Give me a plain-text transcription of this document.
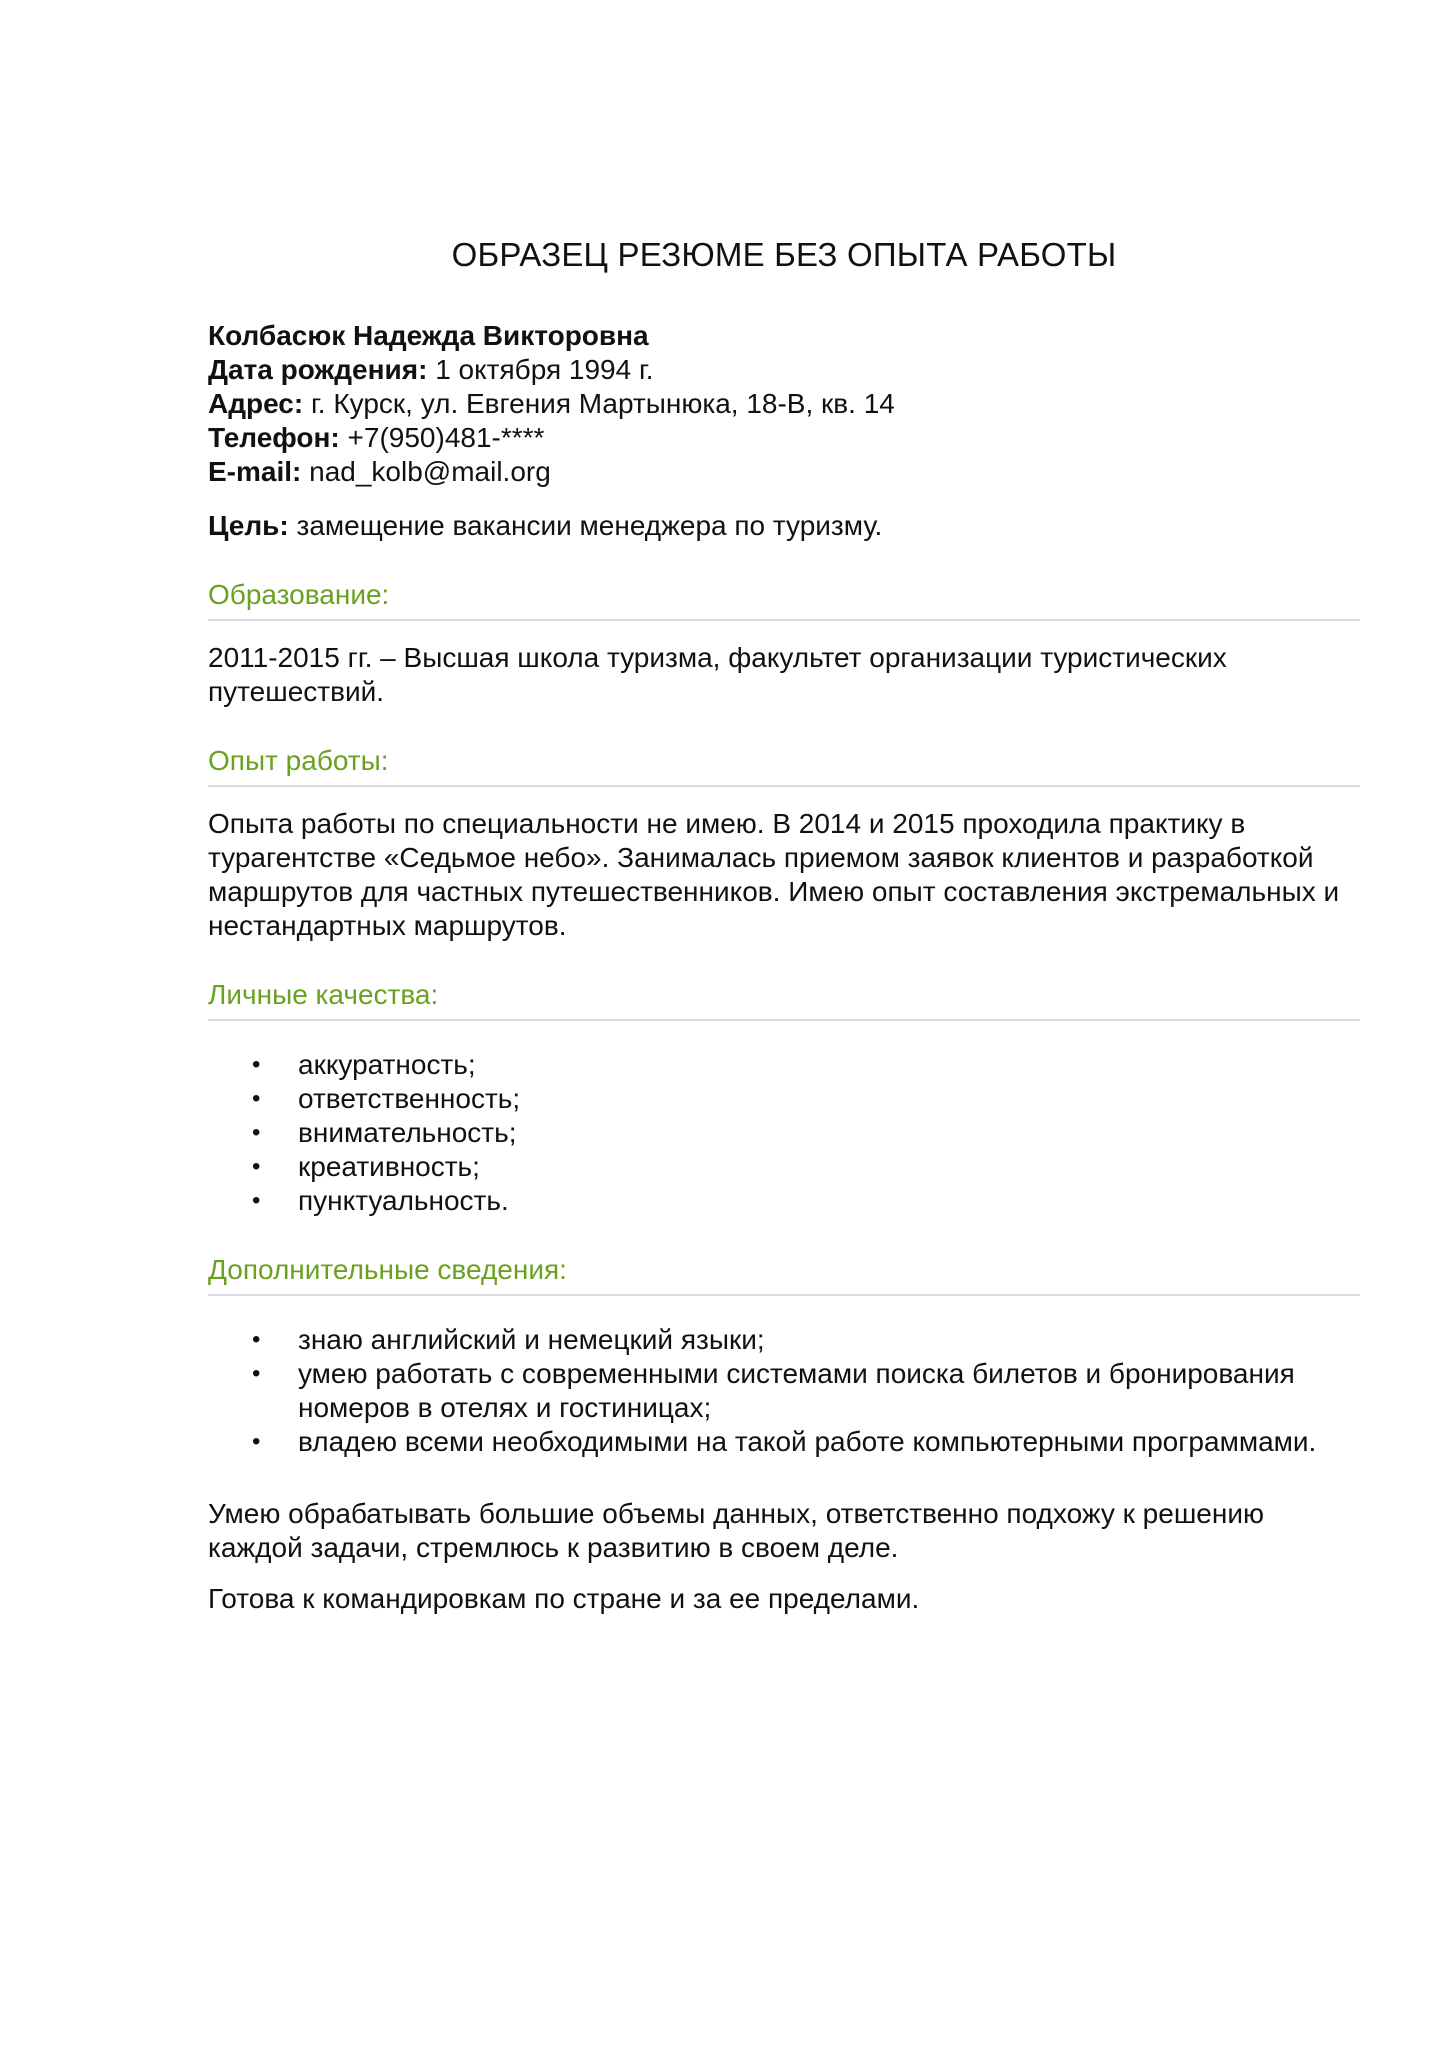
ОБРАЗЕЦ РЕЗЮМЕ БЕЗ ОПЫТА РАБОТЫ

Колбасюк Надежда Викторовна

Дата рождения: 1 октября 1994 г.

Адрес: г. Курск, ул. Евгения Мартынюка, 18-В, кв. 14

Телефон: +7(950)481-****

E-mail: nad_kolb@mail.org

Цель: замещение вакансии менеджера по туризму.

Образование:

2011-2015 гг. – Высшая школа туризма, факультет организации туристических путешествий.

Опыт работы:

Опыта работы по специальности не имею. В 2014 и 2015 проходила практику в турагентстве «Седьмое небо». Занималась приемом заявок клиентов и разработкой маршрутов для частных путешественников. Имею опыт составления экстремальных и нестандартных маршрутов.

Личные качества:
• аккуратность;
• ответственность;
• внимательность;
• креативность;
• пунктуальность.
Дополнительные сведения:
• знаю английский и немецкий языки;
• умею работать с современными системами поиска билетов и бронирования номеров в отелях и гостиницах;
• владею всеми необходимыми на такой работе компьютерными программами.

Умею обрабатывать большие объемы данных, ответственно подхожу к решению каждой задачи, стремлюсь к развитию в своем деле.

Готова к командировкам по стране и за ее пределами.
